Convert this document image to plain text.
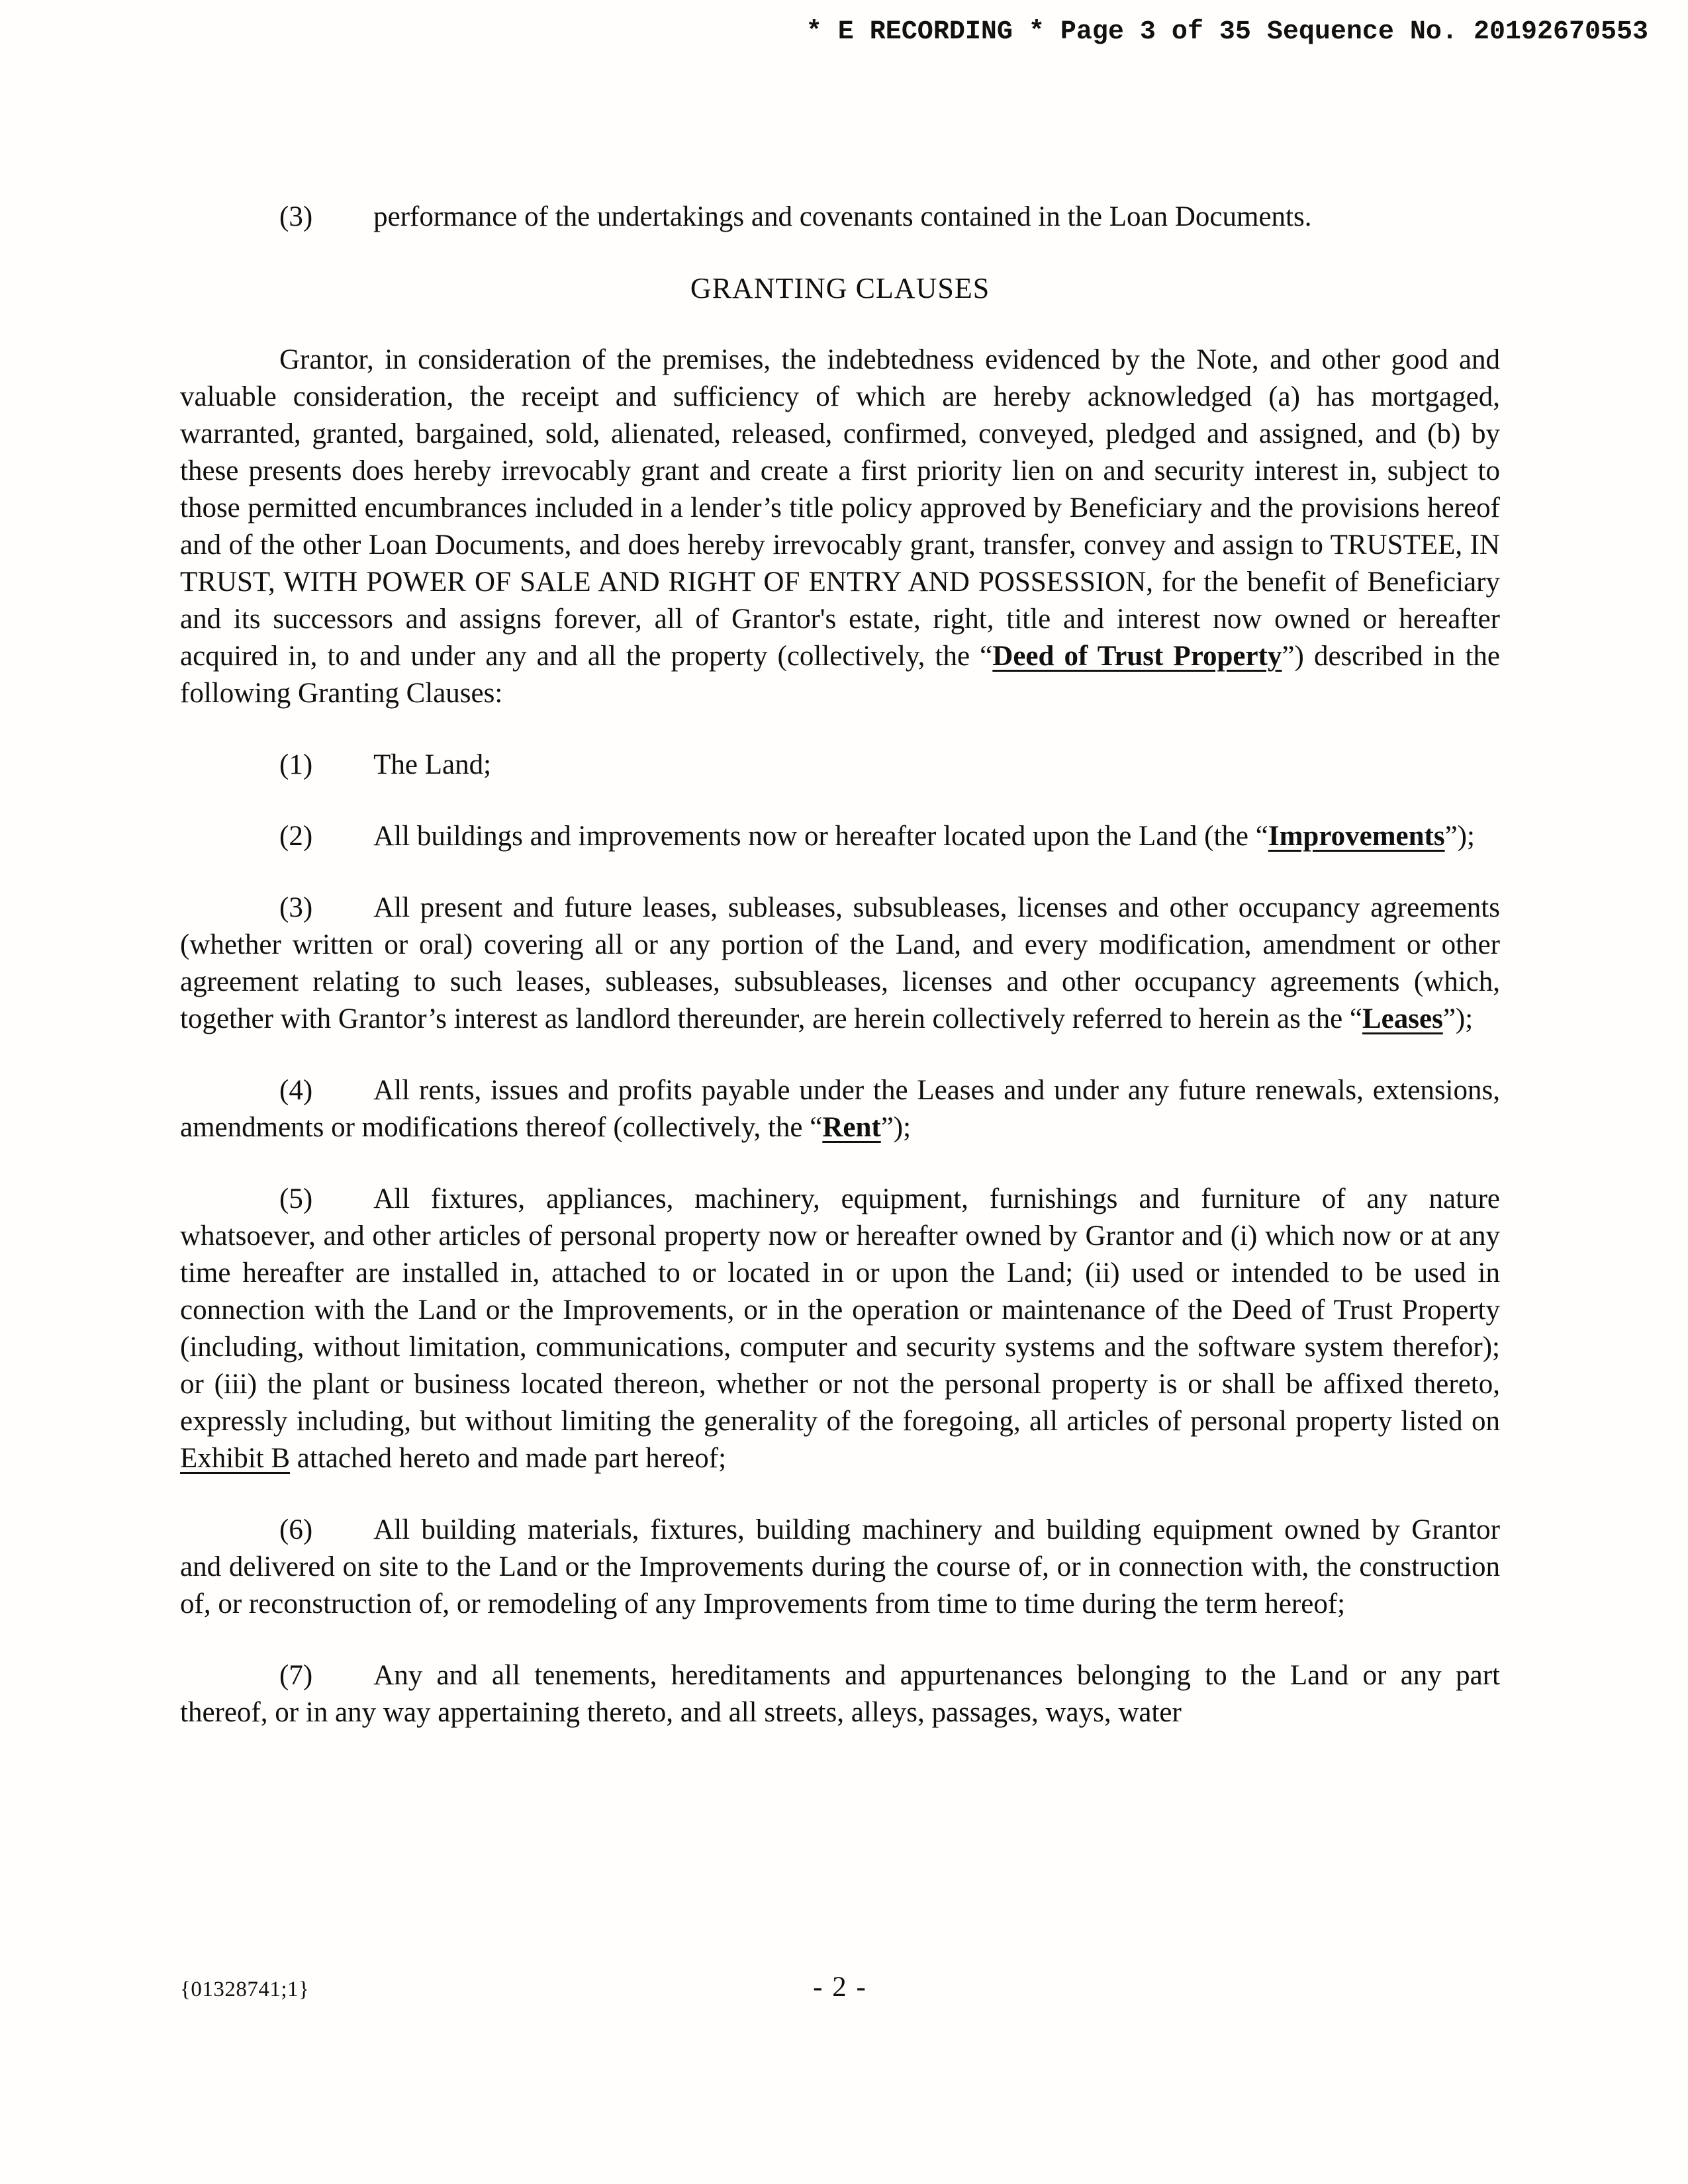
* E RECORDING * Page 3 of 35 Sequence No. 20192670553

(3) performance of the undertakings and covenants contained in the Loan Documents.

GRANTING CLAUSES

Grantor, in consideration of the premises, the indebtedness evidenced by the Note, and other good and valuable consideration, the receipt and sufficiency of which are hereby acknowledged (a) has mortgaged, warranted, granted, bargained, sold, alienated, released, confirmed, conveyed, pledged and assigned, and (b) by these presents does hereby irrevocably grant and create a first priority lien on and security interest in, subject to those permitted encumbrances included in a lender’s title policy approved by Beneficiary and the provisions hereof and of the other Loan Documents, and does hereby irrevocably grant, transfer, convey and assign to TRUSTEE, IN TRUST, WITH POWER OF SALE AND RIGHT OF ENTRY AND POSSESSION, for the benefit of Beneficiary and its successors and assigns forever, all of Grantor's estate, right, title and interest now owned or hereafter acquired in, to and under any and all the property (collectively, the “Deed of Trust Property”) described in the following Granting Clauses:

(1) The Land;

(2) All buildings and improvements now or hereafter located upon the Land (the “Improvements”);

(3) All present and future leases, subleases, subsubleases, licenses and other occupancy agreements (whether written or oral) covering all or any portion of the Land, and every modification, amendment or other agreement relating to such leases, subleases, subsubleases, licenses and other occupancy agreements (which, together with Grantor’s interest as landlord thereunder, are herein collectively referred to herein as the “Leases”);

(4) All rents, issues and profits payable under the Leases and under any future renewals, extensions, amendments or modifications thereof (collectively, the “Rent”);

(5) All fixtures, appliances, machinery, equipment, furnishings and furniture of any nature whatsoever, and other articles of personal property now or hereafter owned by Grantor and (i) which now or at any time hereafter are installed in, attached to or located in or upon the Land; (ii) used or intended to be used in connection with the Land or the Improvements, or in the operation or maintenance of the Deed of Trust Property (including, without limitation, communications, computer and security systems and the software system therefor); or (iii) the plant or business located thereon, whether or not the personal property is or shall be affixed thereto, expressly including, but without limiting the generality of the foregoing, all articles of personal property listed on Exhibit B attached hereto and made part hereof;

(6) All building materials, fixtures, building machinery and building equipment owned by Grantor and delivered on site to the Land or the Improvements during the course of, or in connection with, the construction of, or reconstruction of, or remodeling of any Improvements from time to time during the term hereof;

(7) Any and all tenements, hereditaments and appurtenances belonging to the Land or any part thereof, or in any way appertaining thereto, and all streets, alleys, passages, ways, water

{01328741;1}	- 2 -
